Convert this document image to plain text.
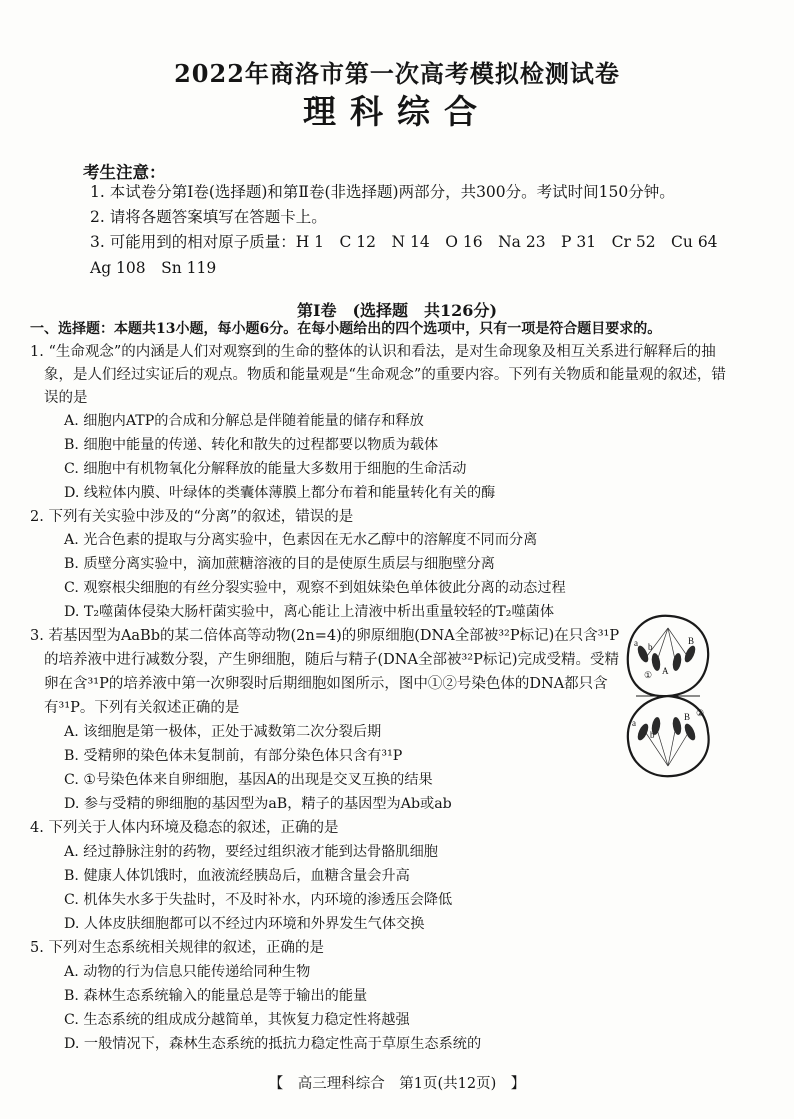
2022年商洛市第一次高考模拟检测试卷
理科综合
考生注意：
1. 本试卷分第Ⅰ卷(选择题)和第Ⅱ卷(非选择题)两部分，共300分。考试时间150分钟。
2. 请将各题答案填写在答题卡上。
3. 可能用到的相对原子质量：H 1　C 12　N 14　O 16　Na 23　P 31　Cr 52　Cu 64
Ag 108　Sn 119
第Ⅰ卷　(选择题　共126分)
一、选择题：本题共13小题，每小题6分。在每小题给出的四个选项中，只有一项是符合题目要求的。
1. “生命观念”的内涵是人们对观察到的生命的整体的认识和看法，是对生命现象及相互关系进行解释后的抽
象，是人们经过实证后的观点。物质和能量观是“生命观念”的重要内容。下列有关物质和能量观的叙述，错
误的是
A. 细胞内ATP的合成和分解总是伴随着能量的储存和释放
B. 细胞中能量的传递、转化和散失的过程都要以物质为载体
C. 细胞中有机物氧化分解释放的能量大多数用于细胞的生命活动
D. 线粒体内膜、叶绿体的类囊体薄膜上都分布着和能量转化有关的酶
2. 下列有关实验中涉及的“分离”的叙述，错误的是
A. 光合色素的提取与分离实验中，色素因在无水乙醇中的溶解度不同而分离
B. 质壁分离实验中，滴加蔗糖溶液的目的是使原生质层与细胞壁分离
C. 观察根尖细胞的有丝分裂实验中，观察不到姐妹染色单体彼此分离的动态过程
D. T₂噬菌体侵染大肠杆菌实验中，离心能让上清液中析出重量较轻的T₂噬菌体
3. 若基因型为AaBb的某二倍体高等动物(2n=4)的卵原细胞(DNA全部被³²P标记)在只含³¹P
的培养液中进行减数分裂，产生卵细胞，随后与精子(DNA全部被³²P标记)完成受精。受精
卵在含³¹P的培养液中第一次卵裂时后期细胞如图所示，图中①②号染色体的DNA都只含
有³¹P。下列有关叙述正确的是
A. 该细胞是第一极体，正处于减数第二次分裂后期
B. 受精卵的染色体未复制前，有部分染色体只含有³¹P
C. ①号染色体来自卵细胞，基因A的出现是交叉互换的结果
D. 参与受精的卵细胞的基因型为aB，精子的基因型为Ab或ab
a b
B
A
①
a
b
B ②
4. 下列关于人体内环境及稳态的叙述，正确的是
A. 经过静脉注射的药物，要经过组织液才能到达骨骼肌细胞
B. 健康人体饥饿时，血液流经胰岛后，血糖含量会升高
C. 机体失水多于失盐时，不及时补水，内环境的渗透压会降低
D. 人体皮肤细胞都可以不经过内环境和外界发生气体交换
5. 下列对生态系统相关规律的叙述，正确的是
A. 动物的行为信息只能传递给同种生物
B. 森林生态系统输入的能量总是等于输出的能量
C. 生态系统的组成成分越简单，其恢复力稳定性将越强
D. 一般情况下，森林生态系统的抵抗力稳定性高于草原生态系统的
【　高三理科综合　第1页(共12页)　】
